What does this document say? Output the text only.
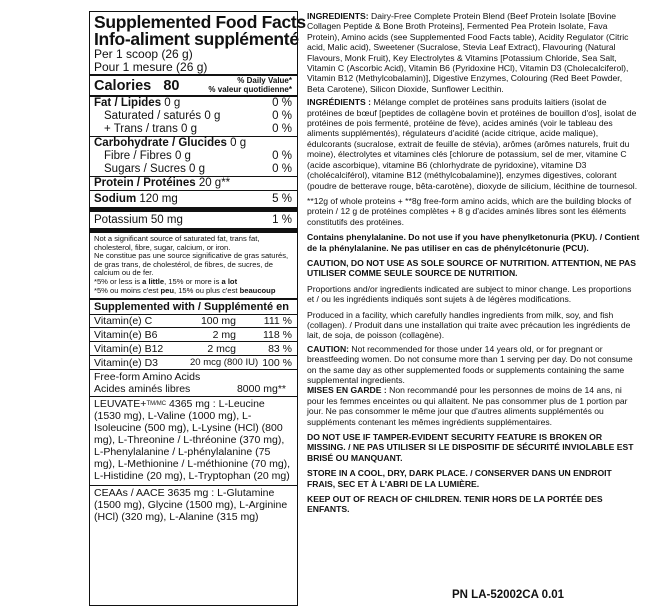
Supplemented Food Facts
Info-aliment supplémenté
Per 1 scoop (26 g)
Pour 1 mesure (26 g)
Calories 80	% Daily Value*
% valeur quotidienne*
Fat / Lipides 0 g	0 %
Saturated / saturés 0 g	0 %
+ Trans / trans 0 g	0 %
Carbohydrate / Glucides 0 g
Fibre / Fibres 0 g	0 %
Sugars / Sucres 0 g	0 %
Protein / Protéines 20 g**
Sodium 120 mg	5 %
Potassium 50 mg	1 %
Not a significant source of saturated fat, trans fat, cholesterol, fibre, sugar, calcium, or iron.
Ne constitue pas une source significative de gras saturés, de gras trans, de cholestérol, de fibres, de sucres, de calcium ou de fer.
*5% or less is a little, 15% or more is a lot
*5% ou moins c'est peu, 15% ou plus c'est beaucoup
Supplemented with / Supplémenté en
Vitamin(e) C	100 mg	111 %
Vitamin(e) B6	2 mg	118 %
Vitamin(e) B12	2 mcg	83 %
Vitamin(e) D3	20 mcg (800 IU) 100 %
Free-form Amino Acids
Acides aminés libres	8000 mg**
LEUVATE+$^{TM/MC}$ 4365 mg : L-Leucine (1530 mg), L-Valine (1000 mg), L-Isoleucine (500 mg), L-Lysine (HCl) (800 mg), L-Threonine / L-thréonine (370 mg), L-Phenylalanine / L-phénylalanine (75 mg), L-Methionine / L-méthionine (70 mg), L-Histidine (20 mg), L-Tryptophan (20 mg)
CEAAs / AACE 3635 mg : L-Glutamine (1500 mg), Glycine (1500 mg), L-Arginine (HCl) (320 mg), L-Alanine (315 mg)

INGREDIENTS: Dairy-Free Complete Protein Blend (Beef Protein Isolate [Bovine Collagen Peptide & Bone Broth Proteins], Fermented Pea Protein Isolate, Fava Protein), Amino acids (see Supplemented Food Facts table), Acidity Regulator (Citric acid, Malic acid), Sweetener (Sucralose, Stevia Leaf Extract), Flavouring (Natural Flavours, Monk Fruit), Key Electrolytes & Vitamins [Potassium Chloride, Sea Salt, Vitamin C (Ascorbic Acid), Vitamin B6 (Pyridoxine HCl), Vitamin D3 (Cholecalciferol), Vitamin B12 (Methylcobalamin)], Digestive Enzymes, Colouring (Red Beet Powder, Beta Carotene), Silicon Dioxide, Sunflower Lecithin.

INGRÉDIENTS : Mélange complet de protéines sans produits laitiers (isolat de protéines de bœuf [peptides de collagène bovin et protéines de bouillon d'os], isolat de protéines de pois fermenté, protéine de fève), acides aminés (voir le tableau des aliments supplémentés), régulateurs d'acidité (acide citrique, acide malique), édulcorants (sucralose, extrait de feuille de stévia), arômes (arômes naturels, fruit du moine), électrolytes et vitamines clés [chlorure de potassium, sel de mer, vitamine C (acide ascorbique), vitamine B6 (chlorhydrate de pyridoxine), vitamine D3 (cholécalciférol), vitamine B12 (méthylcobalamine)], enzymes digestives, colorant (poudre de betterave rouge, bêta-carotène), dioxyde de silicium, lécithine de tournesol.

**12g of whole proteins + **8g free-form amino acids, which are the building blocks of protein / 12 g de protéines complètes + 8 g d'acides aminés libres sont les éléments constitutifs des protéines.

Contains phenylalanine. Do not use if you have phenylketonuria (PKU). / Contient de la phénylalanine. Ne pas utiliser en cas de phénylcétonurie (PCU).

CAUTION, DO NOT USE AS SOLE SOURCE OF NUTRITION. ATTENTION, NE PAS UTILISER COMME SEULE SOURCE DE NUTRITION.

Proportions and/or ingredients indicated are subject to minor change. Les proportions et / ou les ingrédients indiqués sont sujets à de légères modifications.

Produced in a facility, which carefully handles ingredients from milk, soy, and fish (collagen). / Produit dans une installation qui traite avec précaution les ingrédients de lait, de soja, de poisson (collagène).

CAUTION: Not recommended for those under 14 years old, or for pregnant or breastfeeding women. Do not consume more than 1 serving per day. Do not consume on the same day as other supplemented foods or supplements containing the same supplemental ingredients.

MISES EN GARDE : Non recommandé pour les personnes de moins de 14 ans, ni pour les femmes enceintes ou qui allaitent. Ne pas consommer plus de 1 portion par jour. Ne pas consommer le même jour que d'autres aliments supplémentés ou suppléments contenant les mêmes ingrédients supplémentaires.

DO NOT USE IF TAMPER-EVIDENT SECURITY FEATURE IS BROKEN OR MISSING. / NE PAS UTILISER SI LE DISPOSITIF DE SÉCURITÉ INVIOLABLE EST BRISÉ OU MANQUANT.

STORE IN A COOL, DRY, DARK PLACE. / CONSERVER DANS UN ENDROIT FRAIS, SEC ET À L'ABRI DE LA LUMIÈRE.

KEEP OUT OF REACH OF CHILDREN. TENIR HORS DE LA PORTÉE DES ENFANTS.

PN LA-52002CA 0.01
